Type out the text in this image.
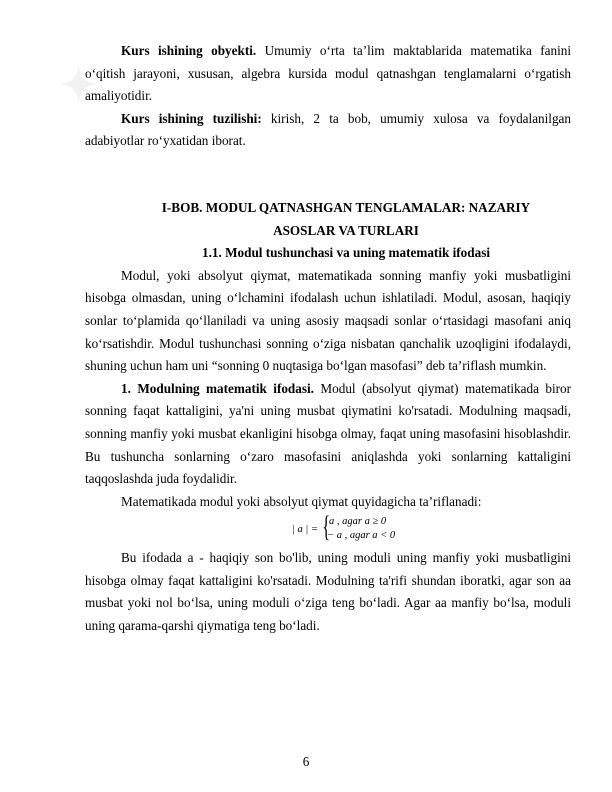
✦

Kurs ishining obyekti. Umumiy o‘rta ta’lim maktablarida matematika fanini o‘qitish jarayoni, xususan, algebra kursida modul qatnashgan tenglamalarni o‘rgatish amaliyotidir.

Kurs ishining tuzilishi: kirish, 2 ta bob, umumiy xulosa va foydalanilgan adabiyotlar ro‘yxatidan iborat.

I-BOB. MODUL QATNASHGAN TENGLAMALAR: NAZARIY

ASOSLAR VA TURLARI

1.1. Modul tushunchasi va uning matematik ifodasi

Modul, yoki absolyut qiymat, matematikada sonning manfiy yoki musbatligini hisobga olmasdan, uning o‘lchamini ifodalash uchun ishlatiladi. Modul, asosan, haqiqiy sonlar to‘plamida qo‘llaniladi va uning asosiy maqsadi sonlar o‘rtasidagi masofani aniq ko‘rsatishdir. Modul tushunchasi sonning o‘ziga nisbatan qanchalik uzoqligini ifodalaydi, shuning uchun ham uni “sonning 0 nuqtasiga bo‘lgan masofasi” deb ta’riflash mumkin.

1. Modulning matematik ifodasi. Modul (absolyut qiymat) matematikada biror sonning faqat kattaligini, ya'ni uning musbat qiymatini ko'rsatadi. Modulning maqsadi, sonning manfiy yoki musbat ekanligini hisobga olmay, faqat uning masofasini hisoblashdir. Bu tushuncha sonlarning o‘zaro masofasini aniqlashda yoki sonlarning kattaligini taqqoslashda juda foydalidir.

Matematikada modul yoki absolyut qiymat quyidagicha ta’riflanadi:

| a | = {
a , agar a ≥ 0
− a , agar a < 0

Bu ifodada a - haqiqiy son bo'lib, uning moduli uning manfiy yoki musbatligini hisobga olmay faqat kattaligini ko'rsatadi. Modulning ta'rifi shundan iboratki, agar son aa musbat yoki nol bo‘lsa, uning moduli o‘ziga teng bo‘ladi. Agar aa manfiy bo‘lsa, moduli uning qarama-qarshi qiymatiga teng bo‘ladi.

6
